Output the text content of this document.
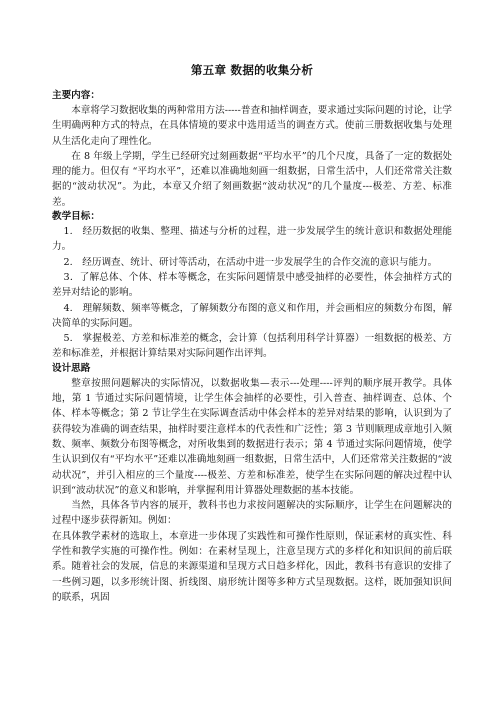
第五章 数据的收集分析

主要内容：

本章将学习数据收集的两种常用方法-----普查和抽样调查，要求通过实际问题的讨论，让学生明确两种方式的特点，在具体情境的要求中选用适当的调查方式。使前三册数据收集与处理从生活化走向了理性化。

在 8 年级上学期，学生已经研究过刻画数据“平均水平”的几个尺度，具备了一定的数据处理的能力。但仅有 “平均水平”，还难以准确地刻画一组数据，日常生活中，人们还常常关注数据的“波动状况”。为此，本章又介绍了刻画数据“波动状况”的几个量度---极差、方差、标准差。

教学目标：

1.　经历数据的收集、整理、描述与分析的过程，进一步发展学生的统计意识和数据处理能力。
2.　经历调查、统计、研讨等活动，在活动中进一步发展学生的合作交流的意识与能力。
3．了解总体、个体、样本等概念，在实际问题情景中感受抽样的必要性，体会抽样方式的差异对结论的影响。
4.　理解频数、频率等概念，了解频数分布图的意义和作用，并会画相应的频数分布图，解决简单的实际问题。
5.　掌握极差、方差和标准差的概念，会计算（包括利用科学计算器）一组数据的极差、方差和标准差，并根据计算结果对实际问题作出评判。

设计思路

整章按照问题解决的实际情况，以数据收集—表示---处理----评判的顺序展开教学。具体地，第 1 节通过实际问题情境，让学生体会抽样的必要性，引入普查、抽样调查、总体、个体、样本等概念；第 2 节让学生在实际调查活动中体会样本的差异对结果的影响，认识到为了获得较为准确的调查结果，抽样时要注意样本的代表性和广泛性；第 3 节则顺理成章地引入频数、频率、频数分布图等概念，对所收集到的数据进行表示；第 4 节通过实际问题情境，使学生认识到仅有“平均水平”还难以准确地刻画一组数据，日常生活中，人们还常常关注数据的“波动状况”，并引入相应的三个量度----极差、方差和标准差，使学生在实际问题的解决过程中认识到“波动状况”的意义和影响，并掌握利用计算器处理数据的基本技能。

当然，具体各节内容的展开，教科书也力求按问题解决的实际顺序，让学生在问题解决的过程中逐步获得新知。例如：

在具体教学素材的选取上，本章进一步体现了实践性和可操作性原则，保证素材的真实性、科学性和教学实施的可操作性。例如：在素材呈现上，注意呈现方式的多样化和知识间的前后联系。随着社会的发展，信息的来源渠道和呈现方式日趋多样化，因此，教科书有意识的安排了一些例习题，以多形统计图、折线图、扇形统计图等多种方式呈现数据。这样，既加强知识间的联系，巩固
